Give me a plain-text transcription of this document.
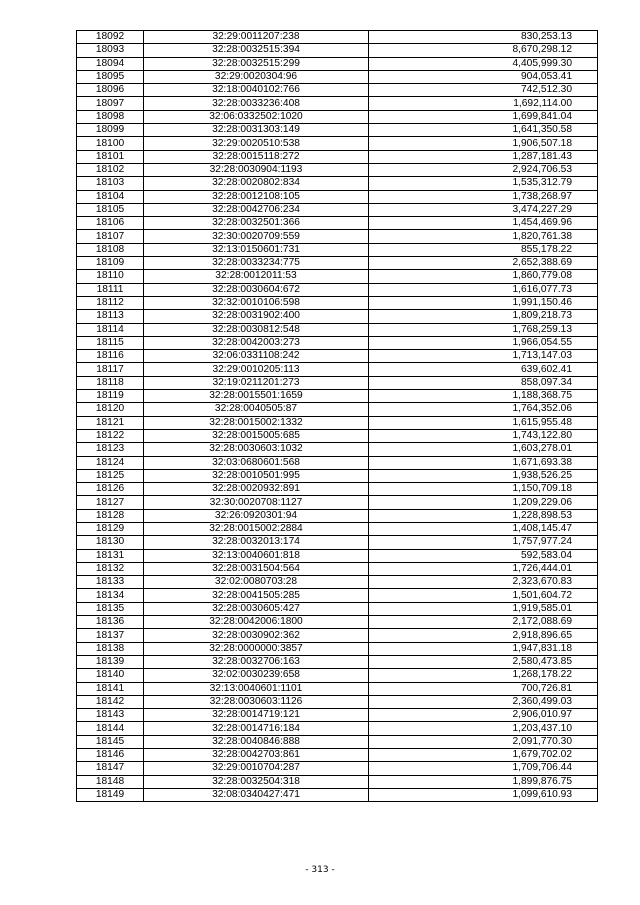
18092	32:29:0011207:238	830,253.13
18093	32:28:0032515:394	8,670,298.12
18094	32:28:0032515:299	4,405,999.30
18095	32:29:0020304:96	904,053.41
18096	32:18:0040102:766	742,512.30
18097	32:28:0033236:408	1,692,114.00
18098	32:06:0332502:1020	1,699,841.04
18099	32:28:0031303:149	1,641,350.58
18100	32:29:0020510:538	1,906,507.18
18101	32:28:0015118:272	1,287,181.43
18102	32:28:0030904:1193	2,924,706.53
18103	32:28:0020802:834	1,535,312.79
18104	32:28:0012108:105	1,738,268.97
18105	32:28:0042706:234	3,474,227.29
18106	32:28:0032501:366	1,454,469.96
18107	32:30:0020709:559	1,820,761.38
18108	32:13:0150601:731	855,178.22
18109	32:28:0033234:775	2,652,388.69
18110	32:28:0012011:53	1,860,779.08
18111	32:28:0030604:672	1,616,077.73
18112	32:32:0010106:598	1,991,150.46
18113	32:28:0031902:400	1,809,218.73
18114	32:28:0030812:548	1,768,259.13
18115	32:28:0042003:273	1,966,054.55
18116	32:06:0331108:242	1,713,147.03
18117	32:29:0010205:113	639,602.41
18118	32:19:0211201:273	858,097.34
18119	32:28:0015501:1659	1,188,368.75
18120	32:28:0040505:87	1,764,352.06
18121	32:28:0015002:1332	1,615,955.48
18122	32:28:0015005:685	1,743,122.80
18123	32:28:0030603:1032	1,603,278.01
18124	32:03:0680601:568	1,671,693.38
18125	32:28:0010501:995	1,938,526.25
18126	32:28:0020932:891	1,150,709.18
18127	32:30:0020708:1127	1,209,229.06
18128	32:26:0920301:94	1,228,898.53
18129	32:28:0015002:2884	1,408,145.47
18130	32:28:0032013:174	1,757,977.24
18131	32:13:0040601:818	592,583.04
18132	32:28:0031504:564	1,726,444.01
18133	32:02:0080703:28	2,323,670.83
18134	32:28:0041505:285	1,501,604.72
18135	32:28:0030605:427	1,919,585.01
18136	32:28:0042006:1800	2,172,088.69
18137	32:28:0030902:362	2,918,896.65
18138	32:28:0000000:3857	1,947,831.18
18139	32:28:0032706:163	2,580,473.85
18140	32:02:0030239:658	1,268,178.22
18141	32:13:0040601:1101	700,726.81
18142	32:28:0030603:1126	2,360,499.03
18143	32:28:0014719:121	2,906,010.97
18144	32:28:0014716:184	1,203,437.10
18145	32:28:0040846:888	2,091,770.30
18146	32:28:0042703:861	1,679,702.02
18147	32:29:0010704:287	1,709,706.44
18148	32:28:0032504:318	1,899,876.75
18149	32:08:0340427:471	1,099,610.93
- 313 -
